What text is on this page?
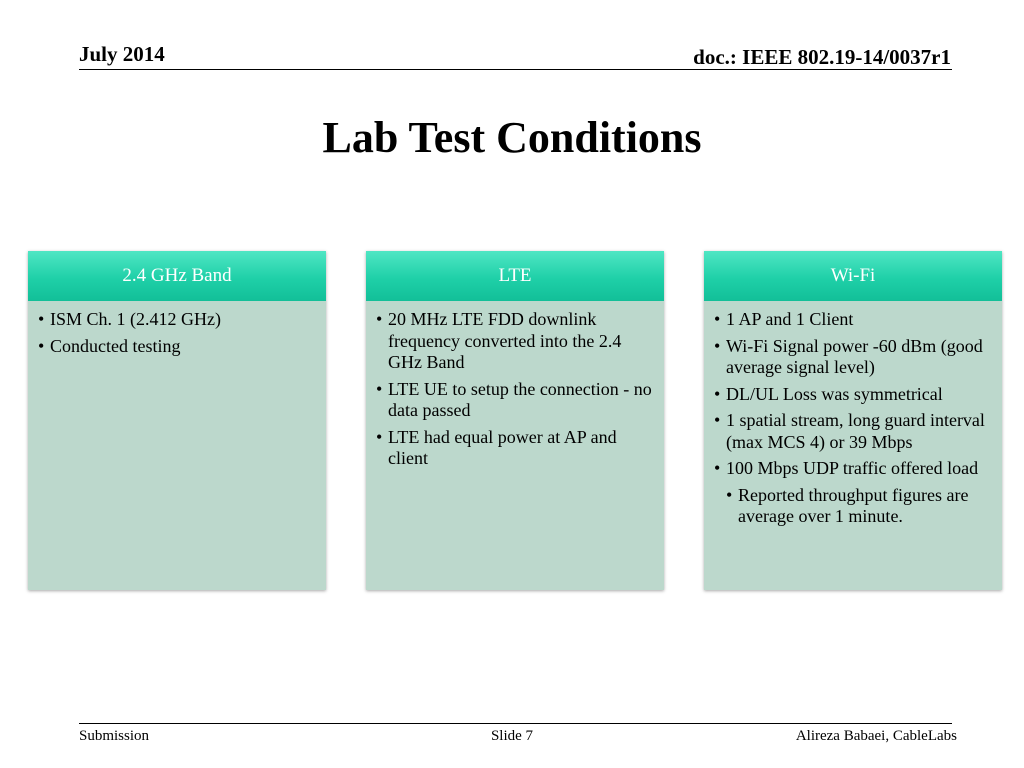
July 2014	doc.: IEEE 802.19-14/0037r1
Lab Test Conditions
2.4 GHz Band
• ISM Ch. 1 (2.412 GHz)
• Conducted testing
LTE
• 20 MHz LTE FDD downlink frequency converted into the 2.4 GHz Band
• LTE UE to setup the connection - no data passed
• LTE had equal power at AP and client
Wi-Fi
• 1 AP and 1 Client
• Wi-Fi Signal power -60 dBm (good average signal level)
• DL/UL Loss was symmetrical
• 1 spatial stream, long guard interval (max MCS 4) or 39 Mbps
• 100 Mbps UDP traffic offered load
• Reported throughput figures are average over 1 minute.
Submission	Slide 7	Alireza Babaei, CableLabs
